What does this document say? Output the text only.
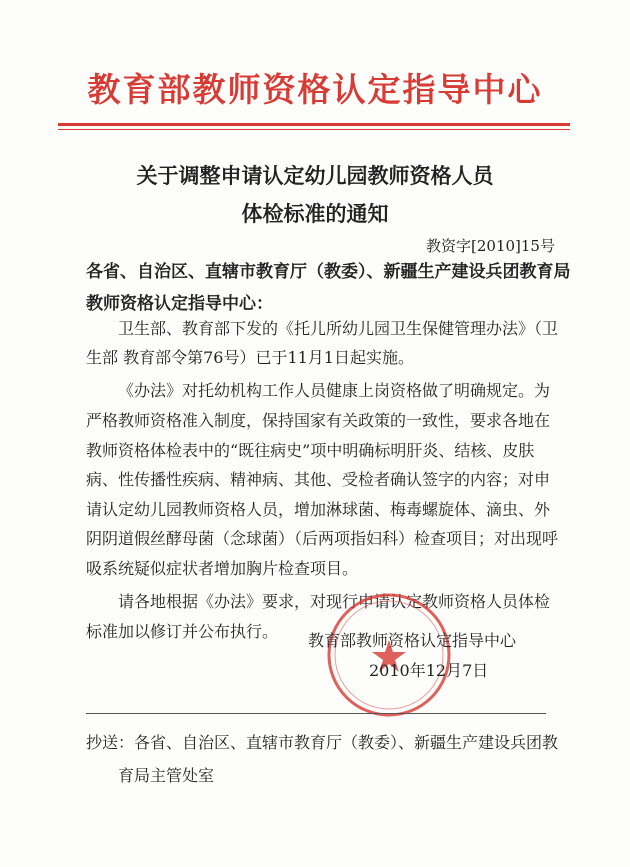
教育部教师资格认定指导中心
关于调整申请认定幼儿园教师资格人员
体检标准的通知
教资字[2010]15号
各省、自治区、直辖市教育厅（教委）、新疆生产建设兵团教育局
教师资格认定指导中心：
卫生部、教育部下发的《托儿所幼儿园卫生保健管理办法》（卫
生部 教育部令第76号）已于11月1日起实施。
《办法》对托幼机构工作人员健康上岗资格做了明确规定。为
严格教师资格准入制度，保持国家有关政策的一致性，要求各地在
教师资格体检表中的“既往病史”项中明确标明肝炎、结核、皮肤
病、性传播性疾病、精神病、其他、受检者确认签字的内容；对申
请认定幼儿园教师资格人员，增加淋球菌、梅毒螺旋体、滴虫、外
阴阴道假丝酵母菌（念球菌）（后两项指妇科）检查项目；对出现呼
吸系统疑似症状者增加胸片检查项目。
请各地根据《办法》要求，对现行申请认定教师资格人员体检
标准加以修订并公布执行。 教育部教师资格认定指导中心
2010年12月7日
抄送：各省、自治区、直辖市教育厅（教委）、新疆生产建设兵团教
育局主管处室
